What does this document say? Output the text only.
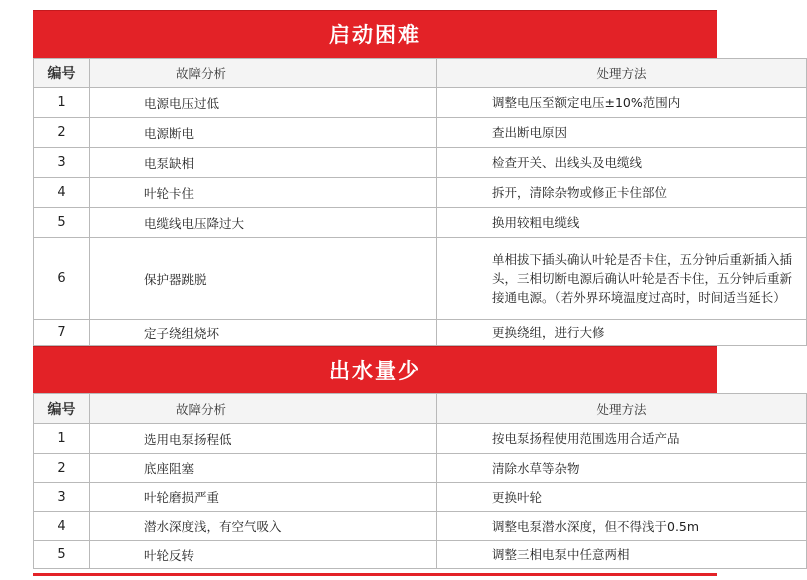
启动困难
编号	故障分析	处理方法
1	电源电压过低	调整电压至额定电压±10%范围内
2	电源断电	查出断电原因
3	电泵缺相	检查开关、出线头及电缆线
4	叶轮卡住	拆开，清除杂物或修正卡住部位
5	电缆线电压降过大	换用较粗电缆线
6	保护器跳脱	单相拔下插头确认叶轮是否卡住，五分钟后重新插入插头，三相切断电源后确认叶轮是否卡住，五分钟后重新接通电源。（若外界环境温度过高时，时间适当延长）
7	定子绕组烧坏	更换绕组，进行大修
出水量少
编号	故障分析	处理方法
1	选用电泵扬程低	按电泵扬程使用范围选用合适产品
2	底座阻塞	清除水草等杂物
3	叶轮磨损严重	更换叶轮
4	潜水深度浅，有空气吸入	调整电泵潜水深度，但不得浅于0.5m
5	叶轮反转	调整三相电泵中任意两相
